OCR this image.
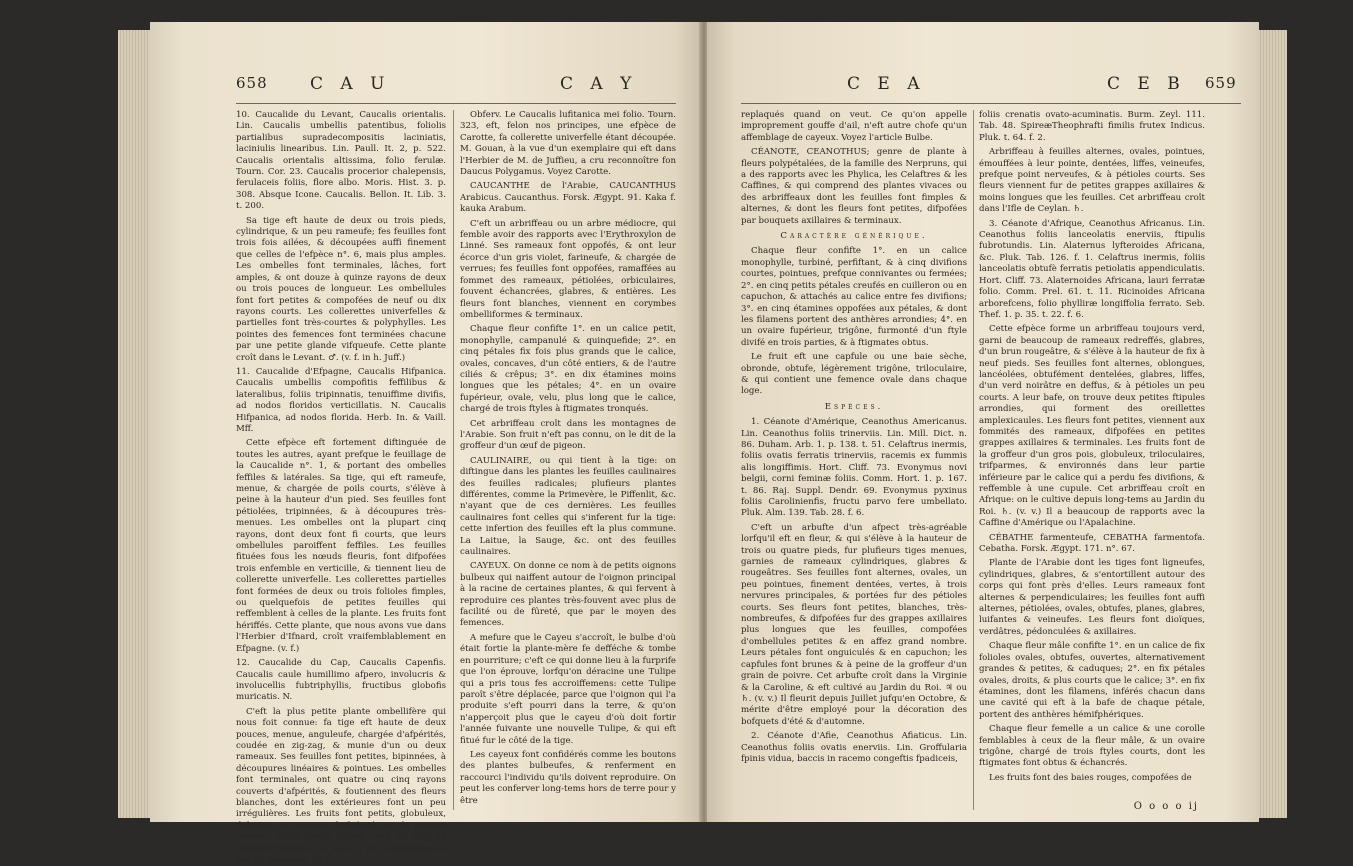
658 C A U	C A Y

10. Caucalide du Levant, Caucalis orientalis. Lin. Caucalis umbellis patentibus, foliolis partialibus supradecompositis laciniatis, laciniulis linearibus. Lin. Paull. It. 2, p. 522. Caucalis orientalis altissima, folio ferulæ. Tourn. Cor. 23. Caucalis procerior chalepensis, ferulaceis foliis, flore albo. Moris. Hist. 3. p. 308. Absque Icone. Caucalis. Bellon. It. Lib. 3. t. 200.

Sa tige eft haute de deux ou trois pieds, cylindrique, & un peu rameufe; fes feuilles font trois fois ailées, & découpées auffi finement que celles de l'efpèce n°. 6, mais plus amples. Les ombelles font terminales, lâches, fort amples, & ont douze à quinze rayons de deux ou trois pouces de longueur. Les ombellules font fort petites & compofées de neuf ou dix rayons courts. Les collerettes univerfelles & partielles font très-courtes & polyphylles. Les pointes des femences font terminées chacune par une petite glande vifqueufe. Cette plante croît dans le Levant. ♂. (v. f. in h. Juff.)

11. Caucalide d'Efpagne, Caucalis Hifpanica. Caucalis umbellis compofitis feffilibus & lateralibus, foliis tripinnatis, tenuiffime divifis, ad nodos floridos verticillatis. N. Caucalis Hifpanica, ad nodos florida. Herb. In. & Vaill. Mff.

Cette efpèce eft fortement diftinguée de toutes les autres, ayant prefque le feuillage de la Caucalide n°. 1, & portant des ombelles feffiles & latérales. Sa tige, qui eft rameufe, menue, & chargée de poils courts, s'élève à peine à la hauteur d'un pied. Ses feuilles font pétiolées, tripinnées, & à découpures très-menues. Les ombelles ont la plupart cinq rayons, dont deux font fi courts, que leurs ombellules paroiffent feffiles. Les feuilles fituées fous les nœuds fleuris, font difpofées trois enfemble en verticille, & tiennent lieu de collerette univerfelle. Les collerettes partielles font formées de deux ou trois folioles fimples, ou quelquefois de petites feuilles qui reffemblent à celles de la plante. Les fruits font hériffés. Cette plante, que nous avons vue dans l'Herbier d'Ifnard, croît vraifemblablement en Efpagne. (v. f.)

12. Caucalide du Cap, Caucalis Capenfis. Caucalis caule humillimo afpero, involucris & involucellis fubtriphyllis, fructibus globofis muricatis. N.

C'eft la plus petite plante ombellifère qui nous foit connue: fa tige eft haute de deux pouces, menue, anguleufe, chargée d'afpérités, coudée en zig-zag, & munie d'un ou deux rameaux. Ses feuilles font petites, bipinnées, à découpures linéaires & pointues. Les ombelles font terminales, ont quatre ou cinq rayons couverts d'afpérités, & foutiennent des fleurs blanches, dont les extérieures font un peu irrégulières. Les fruits font petits, globuleux, didymes, & couverts d'afpérités ou de pointes courtes. Cette petite plante croît au Cap de Bonne-Efpérance, & nous a été communiquée par M. Sonnerat. (v. f.)

Obferv. Le Caucalis lufitanica mei folio. Tourn. 323, eft, felon nos principes, une efpèce de Carotte, fa collerette univerfelle étant découpée. M. Gouan, à la vue d'un exemplaire qui eft dans l'Herbier de M. de Juffieu, a cru reconnoître fon Daucus Polygamus. Voyez Carotte.

CAUCANTHE de l'Arabie, CAUCANTHUS Arabicus. Caucanthus. Forsk. Ægypt. 91. Kaka f. kauka Arabum.

C'eft un arbriffeau ou un arbre médiocre, qui femble avoir des rapports avec l'Erythroxylon de Linné. Ses rameaux font oppofés, & ont leur écorce d'un gris violet, farineufe, & chargée de verrues; fes feuilles font oppofées, ramaffées au fommet des rameaux, pétiolées, orbiculaires, fouvent échancrées, glabres, & entières. Les fleurs font blanches, viennent en corymbes ombelliformes & terminaux.

Chaque fleur confifte 1°. en un calice petit, monophylle, campanulé & quinquefide; 2°. en cinq pétales fix fois plus grands que le calice, ovales, concaves, d'un côté entiers, & de l'autre ciliés & crêpus; 3°. en dix étamines moins longues que les pétales; 4°. en un ovaire fupérieur, ovale, velu, plus long que le calice, chargé de trois ftyles à ftigmates tronqués.

Cet arbriffeau croît dans les montagnes de l'Arabie. Son fruit n'eft pas connu, on le dit de la groffeur d'un œuf de pigeon.

CAULINAIRE, ou qui tient à la tige: on diftingue dans les plantes les feuilles caulinaires des feuilles radicales; plufieurs plantes différentes, comme la Primevère, le Piffenlit, &c. n'ayant que de ces dernières. Les feuilles caulinaires font celles qui s'inferent fur la tige: cette infertion des feuilles eft la plus commune. La Laitue, la Sauge, &c. ont des feuilles caulinaires.

CAYEUX. On donne ce nom à de petits oignons bulbeux qui naiffent autour de l'oignon principal à la racine de certaines plantes, & qui fervent à reproduire ces plantes très-fouvent avec plus de facilité ou de fûreté, que par le moyen des femences.

A mefure que le Cayeu s'accroît, le bulbe d'où était fortie la plante-mère fe defféche & tombe en pourriture; c'eft ce qui donne lieu à la furprife que l'on éprouve, lorfqu'on déracine une Tulipe qui a pris tous fes accroiffemens: cette Tulipe paroît s'être déplacée, parce que l'oignon qui l'a produite s'eft pourri dans la terre, & qu'on n'apperçoit plus que le cayeu d'où doit fortir l'année fuivante une nouvelle Tulipe, & qui eft fitué fur le côté de la tige.

Les cayeux font confidérés comme les boutons des plantes bulbeufes, & renferment en raccourci l'individu qu'ils doivent reproduire. On peut les conferver long-tems hors de terre pour y être

C E A	C E B 659

replaqués quand on veut. Ce qu'on appelle improprement gouffe d'ail, n'eft autre chofe qu'un affemblage de cayeux. Voyez l'article Bulbe.

CÉANOTE, CEANOTHUS; genre de plante à fleurs polypétalées, de la famille des Nerpruns, qui a des rapports avec les Phylica, les Celaftres & les Caffines, & qui comprend des plantes vivaces ou des arbriffeaux dont les feuilles font fimples & alternes, & dont les fleurs font petites, difpofées par bouquets axillaires & terminaux.

Caractère générique.

Chaque fleur confifte 1°. en un calice monophylle, turbiné, perfiftant, & à cinq divifions courtes, pointues, prefque connivantes ou fermées; 2°. en cinq petits pétales creufés en cuilleron ou en capuchon, & attachés au calice entre fes divifions; 3°. en cinq étamines oppofées aux pétales, & dont les filamens portent des anthères arrondies; 4°. en un ovaire fupérieur, trigône, furmonté d'un ftyle divifé en trois parties, & à ftigmates obtus.

Le fruit eft une capfule ou une baie sèche, obronde, obtufe, légèrement trigône, triloculaire, & qui contient une femence ovale dans chaque loge.

Espèces.

1. Céanote d'Amérique, Ceanothus Americanus. Lin. Ceanothus foliis trinerviis. Lin. Mill. Dict. n. 86. Duham. Arb. 1. p. 138. t. 51. Celaftrus inermis, foliis ovatis ferratis trinerviis, racemis ex fummis alis longiffimis. Hort. Cliff. 73. Evonymus novi belgii, corni feminæ foliis. Comm. Hort. 1. p. 167. t. 86. Raj. Suppl. Dendr. 69. Evonymus pyxinus foliis Carolinienfis, fructu parvo fere umbellato. Pluk. Alm. 139. Tab. 28. f. 6.

C'eft un arbufte d'un afpect très-agréable lorfqu'il eft en fleur, & qui s'élève à la hauteur de trois ou quatre pieds, fur plufieurs tiges menues, garnies de rameaux cylindriques, glabres & rougeâtres. Ses feuilles font alternes, ovales, un peu pointues, finement dentées, vertes, à trois nervures principales, & portées fur des pétioles courts. Ses fleurs font petites, blanches, très-nombreufes, & difpofées fur des grappes axillaires plus longues que les feuilles, compofées d'ombellules petites & en affez grand nombre. Leurs pétales font onguiculés & en capuchon; les capfules font brunes & à peine de la groffeur d'un grain de poivre. Cet arbufte croît dans la Virginie & la Caroline, & eft cultivé au Jardin du Roi. ♃ ou ♄. (v. v.) Il fleurit depuis Juillet jufqu'en Octobre, & mérite d'être employé pour la décoration des bofquets d'été & d'automne.

2. Céanote d'Afie, Ceanothus Afiaticus. Lin. Ceanothus foliis ovatis enerviis. Lin. Groffularia fpinis vidua, baccis in racemo congeftis fpadiceis,

foliis crenatis ovato-acuminatis. Burm. Zeyl. 111. Tab. 48. SpireæTheophrafti fimilis frutex Indicus. Pluk. t. 64. f. 2.

Arbriffeau à feuilles alternes, ovales, pointues, émouffées à leur pointe, dentées, liffes, veineufes, prefque point nerveufes, & à pétioles courts. Ses fleurs viennent fur de petites grappes axillaires & moins longues que les feuilles. Cet arbriffeau croît dans l'Ifle de Ceylan. ♄.

3. Céanote d'Afrique, Ceanothus Africanus. Lin. Ceanothus foliis lanceolatis enerviis, ftipulis fubrotundis. Lin. Alaternus lyfteroides Africana, &c. Pluk. Tab. 126. f. 1. Celaftrus inermis, foliis lanceolatis obtufè ferratis petiolatis appendiculatis. Hort. Cliff. 73. Alaternoides Africana, lauri ferratæ folio. Comm. Prel. 61. t. 11. Ricinoides Africana arborefcens, folio phylliræ longiffolia ferrato. Seb. Thef. 1. p. 35. t. 22. f. 6.

Cette efpèce forme un arbriffeau toujours verd, garni de beaucoup de rameaux redreffés, glabres, d'un brun rougeâtre, & s'élève à la hauteur de fix à neuf pieds. Ses feuilles font alternes, oblongues, lancéolées, obtufément dentelées, glabres, liffes, d'un verd noirâtre en deffus, & à pétioles un peu courts. A leur bafe, on trouve deux petites ftipules arrondies, qui forment des oreillettes amplexicaules. Les fleurs font petites, viennent aux fommités des rameaux, difpofées en petites grappes axillaires & terminales. Les fruits font de la groffeur d'un gros pois, globuleux, triloculaires, trifparmes, & environnés dans leur partie inférieure par le calice qui a perdu fes divifions, & reffemble à une cupule. Cet arbriffeau croît en Afrique: on le cultive depuis long-tems au Jardin du Roi. ♄. (v. v.) Il a beaucoup de rapports avec la Caffine d'Amérique ou l'Apalachine.

CÉBATHE farmenteufe, CEBATHA farmentofa. Cebatha. Forsk. Ægypt. 171. n°. 67.

Plante de l'Arabie dont les tiges font ligneufes, cylindriques, glabres, & s'entortillent autour des corps qui font près d'elles. Leurs rameaux font alternes & perpendiculaires; les feuilles font auffi alternes, pétiolées, ovales, obtufes, planes, glabres, luifantes & veineufes. Les fleurs font dioïques, verdâtres, pédonculées & axillaires.

Chaque fleur mâle confifte 1°. en un calice de fix folioles ovales, obtufes, ouvertes, alternativement grandes & petites, & caduques; 2°. en fix pétales ovales, droits, & plus courts que le calice; 3°. en fix étamines, dont les filamens, inférés chacun dans une cavité qui eft à la bafe de chaque pétale, portent des anthères hémifphériques.

Chaque fleur femelle a un calice & une corolle femblables à ceux de la fleur mâle, & un ovaire trigône, chargé de trois ftyles courts, dont les ftigmates font obtus & échancrés.

Les fruits font des baies rouges, compofées de

O o o o ij
